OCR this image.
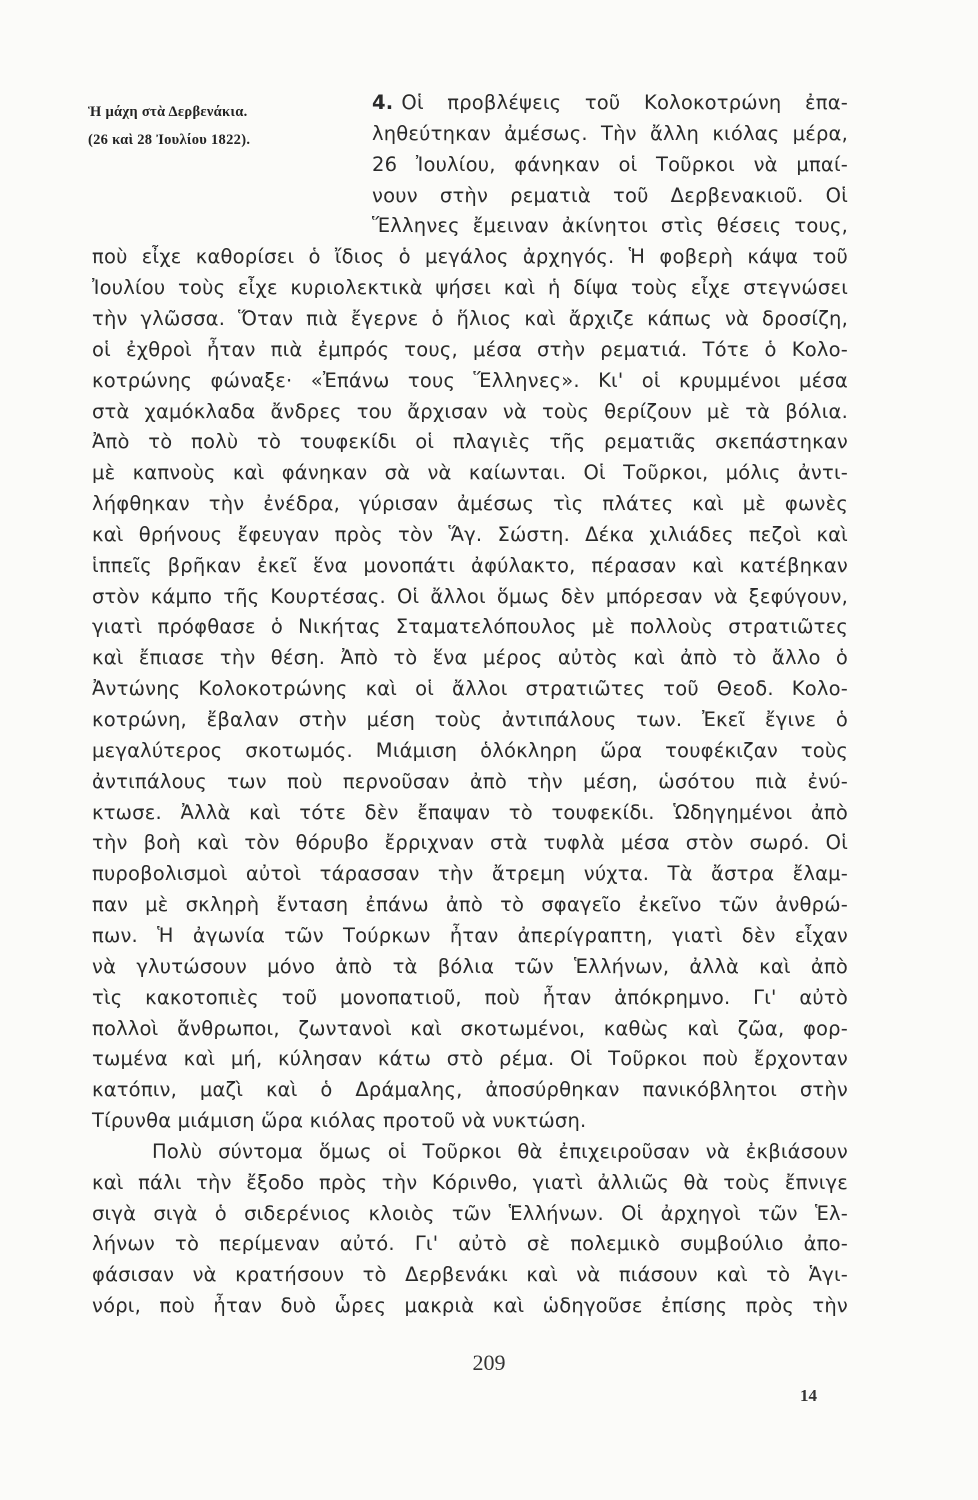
Ἡ μάχη στὰ Δερβενάκια.
(26 καὶ 28 Ἰουλίου 1822).
4. Οἱ προβλέψεις τοῦ Κολοκοτρώνη ἐπα-
ληθεύτηκαν ἀμέσως. Τὴν ἄλλη κιόλας μέρα,
26 Ἰουλίου, φάνηκαν οἱ Τοῦρκοι νὰ μπαί-
νουν στὴν ρεματιὰ τοῦ Δερβενακιοῦ. Οἱ
Ἕλληνες ἔμειναν ἀκίνητοι στὶς θέσεις τους,
ποὺ εἶχε καθορίσει ὁ ἴδιος ὁ μεγάλος ἀρχηγός. Ἡ φοβερὴ κάψα τοῦ
Ἰουλίου τοὺς εἶχε κυριολεκτικὰ ψήσει καὶ ἡ δίψα τοὺς εἶχε στεγνώσει
τὴν γλῶσσα. Ὅταν πιὰ ἔγερνε ὁ ἥλιος καὶ ἄρχιζε κάπως νὰ δροσίζη,
οἱ ἐχθροὶ ἦταν πιὰ ἐμπρός τους, μέσα στὴν ρεματιά. Τότε ὁ Κολο-
κοτρώνης φώναξε· «Ἐπάνω τους Ἕλληνες». Κι' οἱ κρυμμένοι μέσα
στὰ χαμόκλαδα ἄνδρες του ἄρχισαν νὰ τοὺς θερίζουν μὲ τὰ βόλια.
Ἀπὸ τὸ πολὺ τὸ τουφεκίδι οἱ πλαγιὲς τῆς ρεματιᾶς σκεπάστηκαν
μὲ καπνοὺς καὶ φάνηκαν σὰ νὰ καίωνται. Οἱ Τοῦρκοι, μόλις ἀντι-
λήφθηκαν τὴν ἐνέδρα, γύρισαν ἀμέσως τὶς πλάτες καὶ μὲ φωνὲς
καὶ θρήνους ἔφευγαν πρὸς τὸν Ἅγ. Σώστη. Δέκα χιλιάδες πεζοὶ καὶ
ἱππεῖς βρῆκαν ἐκεῖ ἕνα μονοπάτι ἀφύλακτο, πέρασαν καὶ κατέβηκαν
στὸν κάμπο τῆς Κουρτέσας. Οἱ ἄλλοι ὅμως δὲν μπόρεσαν νὰ ξεφύγουν,
γιατὶ πρόφθασε ὁ Νικήτας Σταματελόπουλος μὲ πολλοὺς στρατιῶτες
καὶ ἔπιασε τὴν θέση. Ἀπὸ τὸ ἕνα μέρος αὐτὸς καὶ ἀπὸ τὸ ἄλλο ὁ
Ἀντώνης Κολοκοτρώνης καὶ οἱ ἄλλοι στρατιῶτες τοῦ Θεοδ. Κολο-
κοτρώνη, ἔβαλαν στὴν μέση τοὺς ἀντιπάλους των. Ἐκεῖ ἔγινε ὁ
μεγαλύτερος σκοτωμός. Μιάμιση ὁλόκληρη ὥρα τουφέκιζαν τοὺς
ἀντιπάλους των ποὺ περνοῦσαν ἀπὸ τὴν μέση, ὡσότου πιὰ ἐνύ-
κτωσε. Ἀλλὰ καὶ τότε δὲν ἔπαψαν τὸ τουφεκίδι. Ὡδηγημένοι ἀπὸ
τὴν βοὴ καὶ τὸν θόρυβο ἔρριχναν στὰ τυφλὰ μέσα στὸν σωρό. Οἱ
πυροβολισμοὶ αὐτοὶ τάρασσαν τὴν ἄτρεμη νύχτα. Τὰ ἄστρα ἔλαμ-
παν μὲ σκληρὴ ἔνταση ἐπάνω ἀπὸ τὸ σφαγεῖο ἐκεῖνο τῶν ἀνθρώ-
πων. Ἡ ἀγωνία τῶν Τούρκων ἦταν ἀπερίγραπτη, γιατὶ δὲν εἶχαν
νὰ γλυτώσουν μόνο ἀπὸ τὰ βόλια τῶν Ἑλλήνων, ἀλλὰ καὶ ἀπὸ
τὶς κακοτοπιὲς τοῦ μονοπατιοῦ, ποὺ ἦταν ἀπόκρημνο. Γι' αὐτὸ
πολλοὶ ἄνθρωποι, ζωντανοὶ καὶ σκοτωμένοι, καθὼς καὶ ζῶα, φορ-
τωμένα καὶ μή, κύλησαν κάτω στὸ ρέμα. Οἱ Τοῦρκοι ποὺ ἔρχονταν
κατόπιν, μαζὶ καὶ ὁ Δράμαλης, ἀποσύρθηκαν πανικόβλητοι στὴν
Τίρυνθα μιάμιση ὥρα κιόλας προτοῦ νὰ νυκτώση.
Πολὺ σύντομα ὅμως οἱ Τοῦρκοι θὰ ἐπιχειροῦσαν νὰ ἐκβιάσουν
καὶ πάλι τὴν ἔξοδο πρὸς τὴν Κόρινθο, γιατὶ ἀλλιῶς θὰ τοὺς ἔπνιγε
σιγὰ σιγὰ ὁ σιδερένιος κλοιὸς τῶν Ἑλλήνων. Οἱ ἀρχηγοὶ τῶν Ἑλ-
λήνων τὸ περίμεναν αὐτό. Γι' αὐτὸ σὲ πολεμικὸ συμβούλιο ἀπο-
φάσισαν νὰ κρατήσουν τὸ Δερβενάκι καὶ νὰ πιάσουν καὶ τὸ Ἁγι-
νόρι, ποὺ ἦταν δυὸ ὧρες μακριὰ καὶ ὡδηγοῦσε ἐπίσης πρὸς τὴν
209
14
